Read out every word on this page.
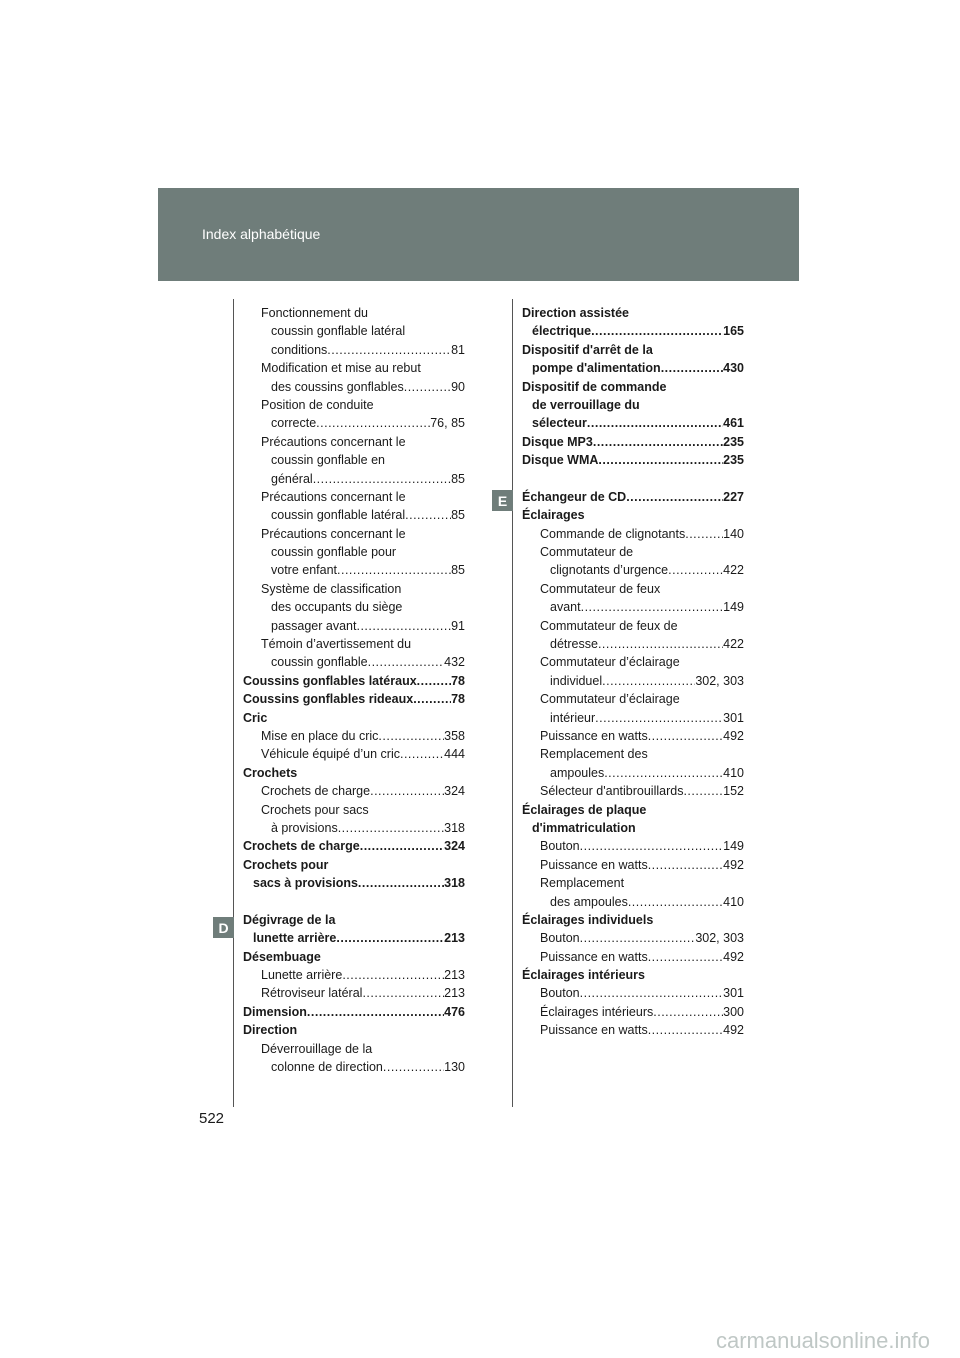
Index alphabétique
D
E
Fonctionnement du
coussin gonflable latéral
conditions .....	81
Modification et mise au rebut
des coussins gonflables .....	90
Position de conduite
correcte .....	76, 85
Précautions concernant le
coussin gonflable en
général .....	85
Précautions concernant le
coussin gonflable latéral .....	85
Précautions concernant le
coussin gonflable pour
votre enfant .....	85
Système de classification
des occupants du siège
passager avant .....	91
Témoin d’avertissement du
coussin gonflable .....	432
Coussins gonflables latéraux .....	78
Coussins gonflables rideaux .....	78
Cric
Mise en place du cric .....	358
Véhicule équipé d’un cric .....	444
Crochets
Crochets de charge .....	324
Crochets pour sacs
à provisions .....	318
Crochets de charge .....	324
Crochets pour
sacs à provisions .....	318
Dégivrage de la
lunette arrière .....	213
Désembuage
Lunette arrière .....	213
Rétroviseur latéral .....	213
Dimension .....	476
Direction
Déverrouillage de la
colonne de direction .....	130
Direction assistée
électrique .....	165
Dispositif d'arrêt de la
pompe d'alimentation .....	430
Dispositif de commande
de verrouillage du
sélecteur .....	461
Disque MP3 .....	235
Disque WMA .....	235
Échangeur de CD .....	227
Éclairages
Commande de clignotants .....	140
Commutateur de
clignotants d’urgence .....	422
Commutateur de feux
avant .....	149
Commutateur de feux de
détresse .....	422
Commutateur d’éclairage
individuel .....	302, 303
Commutateur d’éclairage
intérieur .....	301
Puissance en watts .....	492
Remplacement des
ampoules .....	410
Sélecteur d'antibrouillards .....	152
Éclairages de plaque
d'immatriculation
Bouton .....	149
Puissance en watts .....	492
Remplacement
des ampoules .....	410
Éclairages individuels
Bouton .....	302, 303
Puissance en watts .....	492
Éclairages intérieurs
Bouton .....	301
Éclairages intérieurs .....	300
Puissance en watts .....	492
522
carmanualsonline.info
